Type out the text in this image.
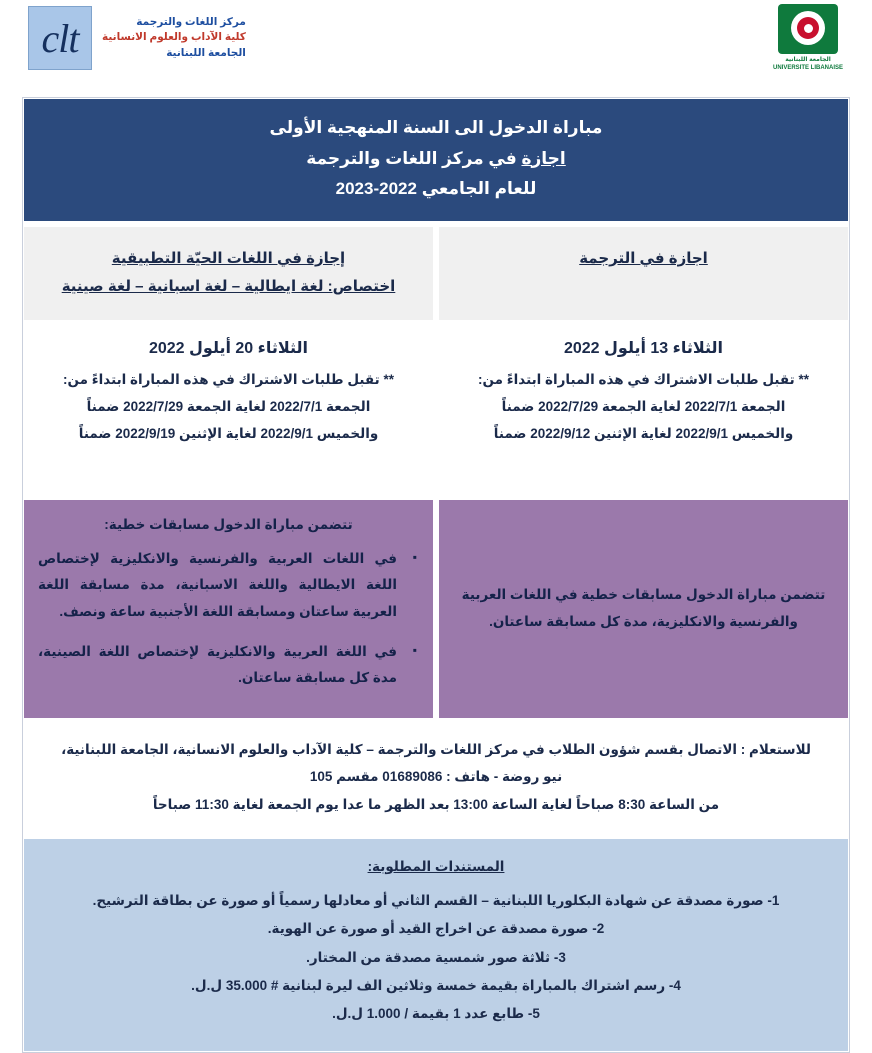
clt	مركز اللغات والترجمة
كلية الآداب والعلوم الانسانية
الجامعة اللبنانية
الجامعة اللبنانية
UNIVERSITE LIBANAISE
مباراة الدخول الى السنة المنهجية الأولى
اجازة في مركز اللغات والترجمة
للعام الجامعي 2022-2023
اجازة في الترجمة
إجازة في اللغات الحيّة التطبيقية
اختصاص: لغة ايطالية – لغة اسبانية – لغة صينية
الثلاثاء 13 أيلول 2022
** تقبل طلبات الاشتراك في هذه المباراة ابتداءً من:
الجمعة 2022/7/1 لغاية الجمعة 2022/7/29 ضمناً
والخميس 2022/9/1 لغاية الإثنين 2022/9/12 ضمناً
الثلاثاء 20 أيلول 2022
** تقبل طلبات الاشتراك في هذه المباراة ابتداءً من:
الجمعة 2022/7/1 لغاية الجمعة 2022/7/29 ضمناً
والخميس 2022/9/1 لغاية الإثنين 2022/9/19 ضمناً
تتضمن مباراة الدخول مسابقات خطية في اللغات العربية والفرنسية والانكليزية، مدة كل مسابقة ساعتان.
تتضمن مباراة الدخول مسابقات خطية:
▪ في اللغات العربية والفرنسية والانكليزية لإختصاص اللغة الايطالية واللغة الاسبانية، مدة مسابقة اللغة العربية ساعتان ومسابقة اللغة الأجنبية ساعة ونصف.
▪ في اللغة العربية والانكليزية لإختصاص اللغة الصينية، مدة كل مسابقة ساعتان.
للاستعلام : الاتصال بقسم شؤون الطلاب في مركز اللغات والترجمة – كلية الآداب والعلوم الانسانية، الجامعة اللبنانية،
نيو روضة - هاتف : 01689086 مقسم 105
من الساعة 8:30 صباحاً لغاية الساعة 13:00 بعد الظهر ما عدا يوم الجمعة لغاية 11:30 صباحاً
المستندات المطلوبة:
1- صورة مصدقة عن شهادة البكلوريا اللبنانية – القسم الثاني أو معادلها رسمياً أو صورة عن بطاقة الترشيح.
2- صورة مصدقة عن اخراج القيد أو صورة عن الهوية.
3- ثلاثة صور شمسية مصدقة من المختار.
4- رسم اشتراك بالمباراة بقيمة خمسة وثلاثين الف ليرة لبنانية # 35.000 ل.ل.
5- طابع عدد 1 بقيمة / 1.000 ل.ل.
